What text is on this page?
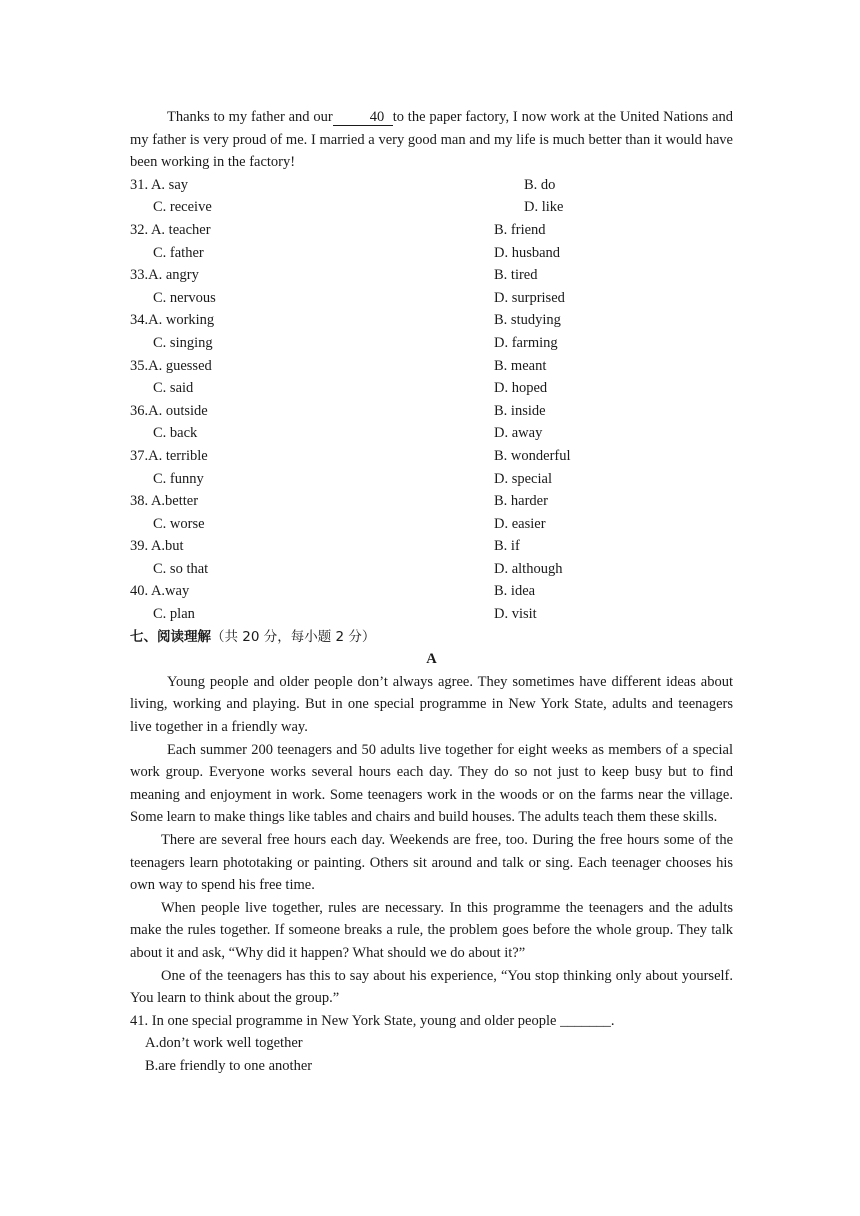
Thanks to my father and our	40 to the paper factory, I now work at the United Nations and my father is very proud of me. I married a very good man and my life is much better than it would have been working in the factory!

31. A. say	B. do
C. receive	D. like
32. A. teacher	B. friend
C. father	D. husband
33.A. angry	B. tired
C. nervous	D. surprised
34.A. working	B. studying
C. singing	D. farming
35.A. guessed	B. meant
C. said	D. hoped
36.A. outside	B. inside
C. back	D. away
37.A. terrible	B. wonderful
C. funny	D. special
38. A.better	B. harder
C. worse	D. easier
39. A.but	B. if
C. so that	D. although
40. A.way	B. idea
C. plan	D. visit
七、阅读理解（共 20 分，每小题 2 分）
A

Young people and older people don’t always agree. They sometimes have different ideas about living, working and playing. But in one special programme in New York State, adults and teenagers live together in a friendly way.

Each summer 200 teenagers and 50 adults live together for eight weeks as members of a special work group. Everyone works several hours each day. They do so not just to keep busy but to find meaning and enjoyment in work. Some teenagers work in the woods or on the farms near the village. Some learn to make things like tables and chairs and build houses. The adults teach them these skills.

There are several free hours each day. Weekends are free, too. During the free hours some of the teenagers learn phototaking or painting. Others sit around and talk or sing. Each teenager chooses his own way to spend his free time.

When people live together, rules are necessary. In this programme the teenagers and the adults make the rules together. If someone breaks a rule, the problem goes before the whole group. They talk about it and ask, “Why did it happen? What should we do about it?”

One of the teenagers has this to say about his experience, “You stop thinking only about yourself. You learn to think about the group.”

41. In one special programme in New York State, young and older people _______.
A.don’t work well together
B.are friendly to one another
